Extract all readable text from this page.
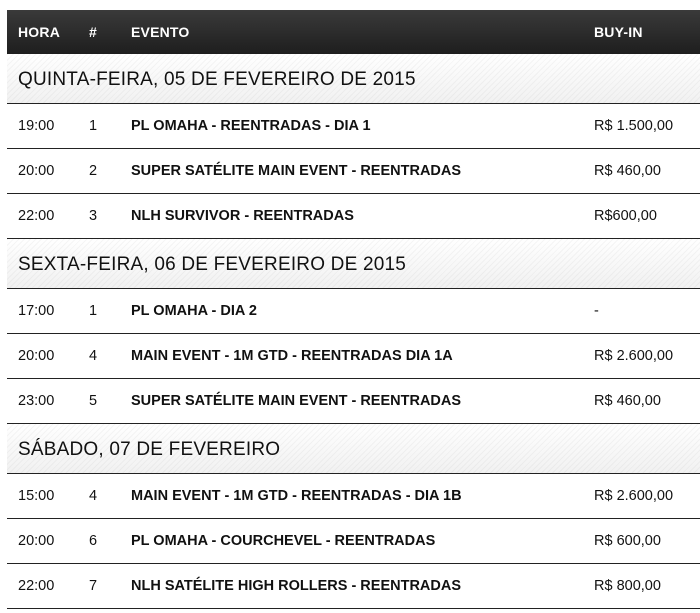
HORA # EVENTO	BUY-IN
QUINTA-FEIRA, 05 DE FEVEREIRO DE 2015
19:00 1 PL OMAHA - REENTRADAS - DIA 1	R$ 1.500,00
20:00 2 SUPER SATÉLITE MAIN EVENT - REENTRADAS	R$ 460,00
22:00 3 NLH SURVIVOR - REENTRADAS	R$600,00
SEXTA-FEIRA, 06 DE FEVEREIRO DE 2015
17:00 1 PL OMAHA - DIA 2	-
20:00 4 MAIN EVENT - 1M GTD - REENTRADAS DIA 1A	R$ 2.600,00
23:00 5 SUPER SATÉLITE MAIN EVENT - REENTRADAS	R$ 460,00
SÁBADO, 07 DE FEVEREIRO
15:00 4 MAIN EVENT - 1M GTD - REENTRADAS - DIA 1B	R$ 2.600,00
20:00 6 PL OMAHA - COURCHEVEL - REENTRADAS	R$ 600,00
22:00 7 NLH SATÉLITE HIGH ROLLERS - REENTRADAS	R$ 800,00
